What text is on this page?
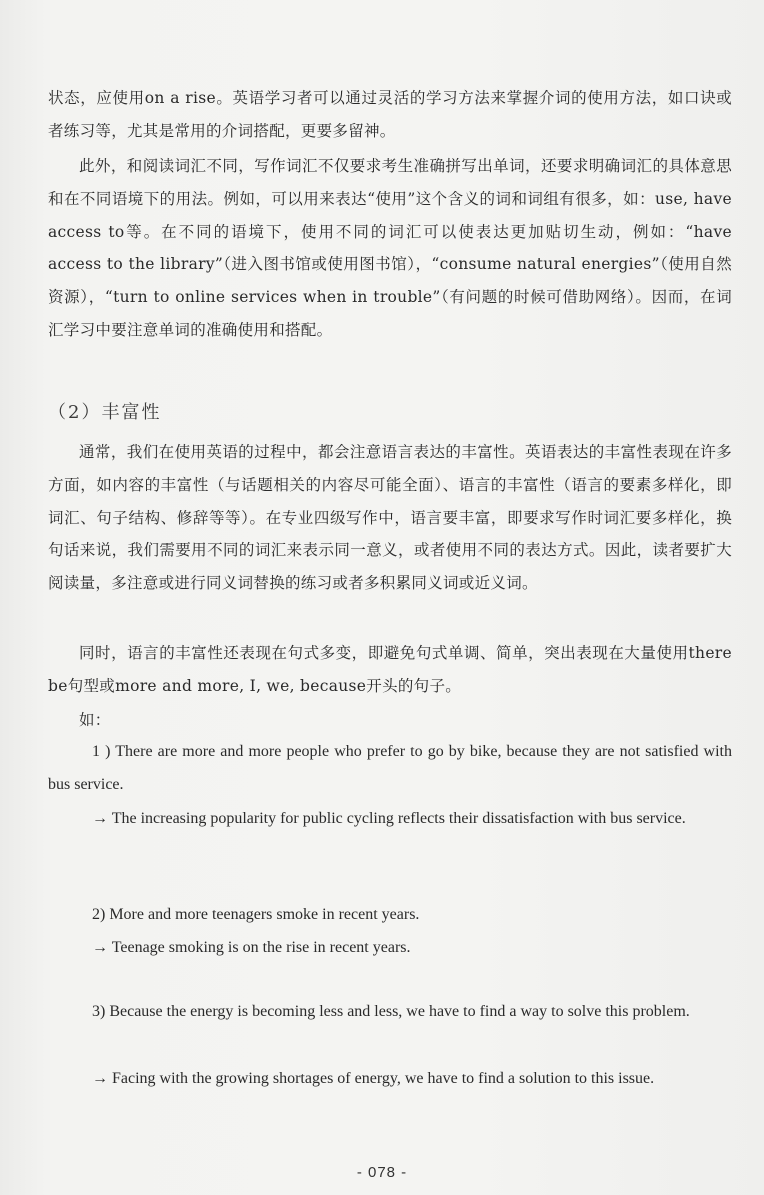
状态，应使用on a rise。英语学习者可以通过灵活的学习方法来掌握介词的使用方法，如口诀或者练习等，尤其是常用的介词搭配，更要多留神。
此外，和阅读词汇不同，写作词汇不仅要求考生准确拼写出单词，还要求明确词汇的具体意思和在不同语境下的用法。例如，可以用来表达“使用”这个含义的词和词组有很多，如：use, have access to等。在不同的语境下，使用不同的词汇可以使表达更加贴切生动，例如：“have access to the library”（进入图书馆或使用图书馆），“consume natural energies”（使用自然资源），“turn to online services when in trouble”（有问题的时候可借助网络）。因而，在词汇学习中要注意单词的准确使用和搭配。
（2）丰富性
通常，我们在使用英语的过程中，都会注意语言表达的丰富性。英语表达的丰富性表现在许多方面，如内容的丰富性（与话题相关的内容尽可能全面）、语言的丰富性（语言的要素多样化，即词汇、句子结构、修辞等等）。在专业四级写作中，语言要丰富，即要求写作时词汇要多样化，换句话来说，我们需要用不同的词汇来表示同一意义，或者使用不同的表达方式。因此，读者要扩大阅读量，多注意或进行同义词替换的练习或者多积累同义词或近义词。
同时，语言的丰富性还表现在句式多变，即避免句式单调、简单，突出表现在大量使用there be句型或more and more, I, we, because开头的句子。
如：
1 ) There are more and more people who prefer to go by bike, because they are not satisfied with bus service.
→ The increasing popularity for public cycling reflects their dissatisfaction with bus service.
2) More and more teenagers smoke in recent years.
→ Teenage smoking is on the rise in recent years.
3) Because the energy is becoming less and less, we have to find a way to solve this problem.
→ Facing with the growing shortages of energy, we have to find a solution to this issue.
- 078 -
